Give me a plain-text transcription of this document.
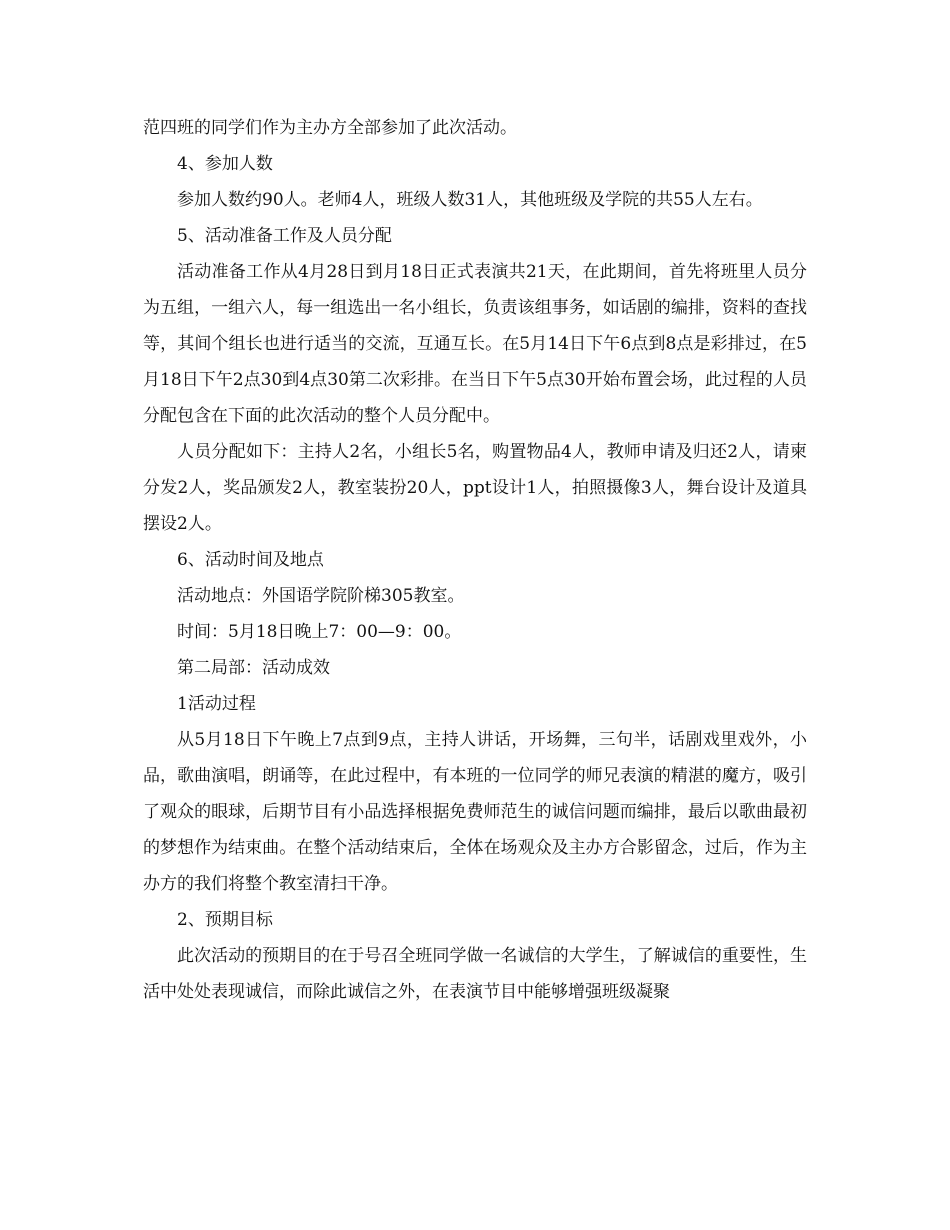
范四班的同学们作为主办方全部参加了此次活动。

4、参加人数

参加人数约90人。老师4人，班级人数31人，其他班级及学院的共55人左右。

5、活动准备工作及人员分配

活动准备工作从4月28日到月18日正式表演共21天，在此期间，首先将班里人员分为五组，一组六人，每一组选出一名小组长，负责该组事务，如话剧的编排，资料的查找等，其间个组长也进行适当的交流，互通互长。在5月14日下午6点到8点是彩排过，在5月18日下午2点30到4点30第二次彩排。在当日下午5点30开始布置会场，此过程的人员分配包含在下面的此次活动的整个人员分配中。

人员分配如下：主持人2名，小组长5名，购置物品4人，教师申请及归还2人，请柬分发2人，奖品颁发2人，教室装扮20人，ppt设计1人，拍照摄像3人，舞台设计及道具摆设2人。

6、活动时间及地点

活动地点：外国语学院阶梯305教室。

时间：5月18日晚上7：00—9：00。

第二局部：活动成效

1活动过程

从5月18日下午晚上7点到9点，主持人讲话，开场舞，三句半，话剧戏里戏外，小品，歌曲演唱，朗诵等，在此过程中，有本班的一位同学的师兄表演的精湛的魔方，吸引了观众的眼球，后期节目有小品选择根据免费师范生的诚信问题而编排，最后以歌曲最初的梦想作为结束曲。在整个活动结束后，全体在场观众及主办方合影留念，过后，作为主办方的我们将整个教室清扫干净。

2、预期目标

此次活动的预期目的在于号召全班同学做一名诚信的大学生，了解诚信的重要性，生活中处处表现诚信，而除此诚信之外，在表演节目中能够增强班级凝聚
